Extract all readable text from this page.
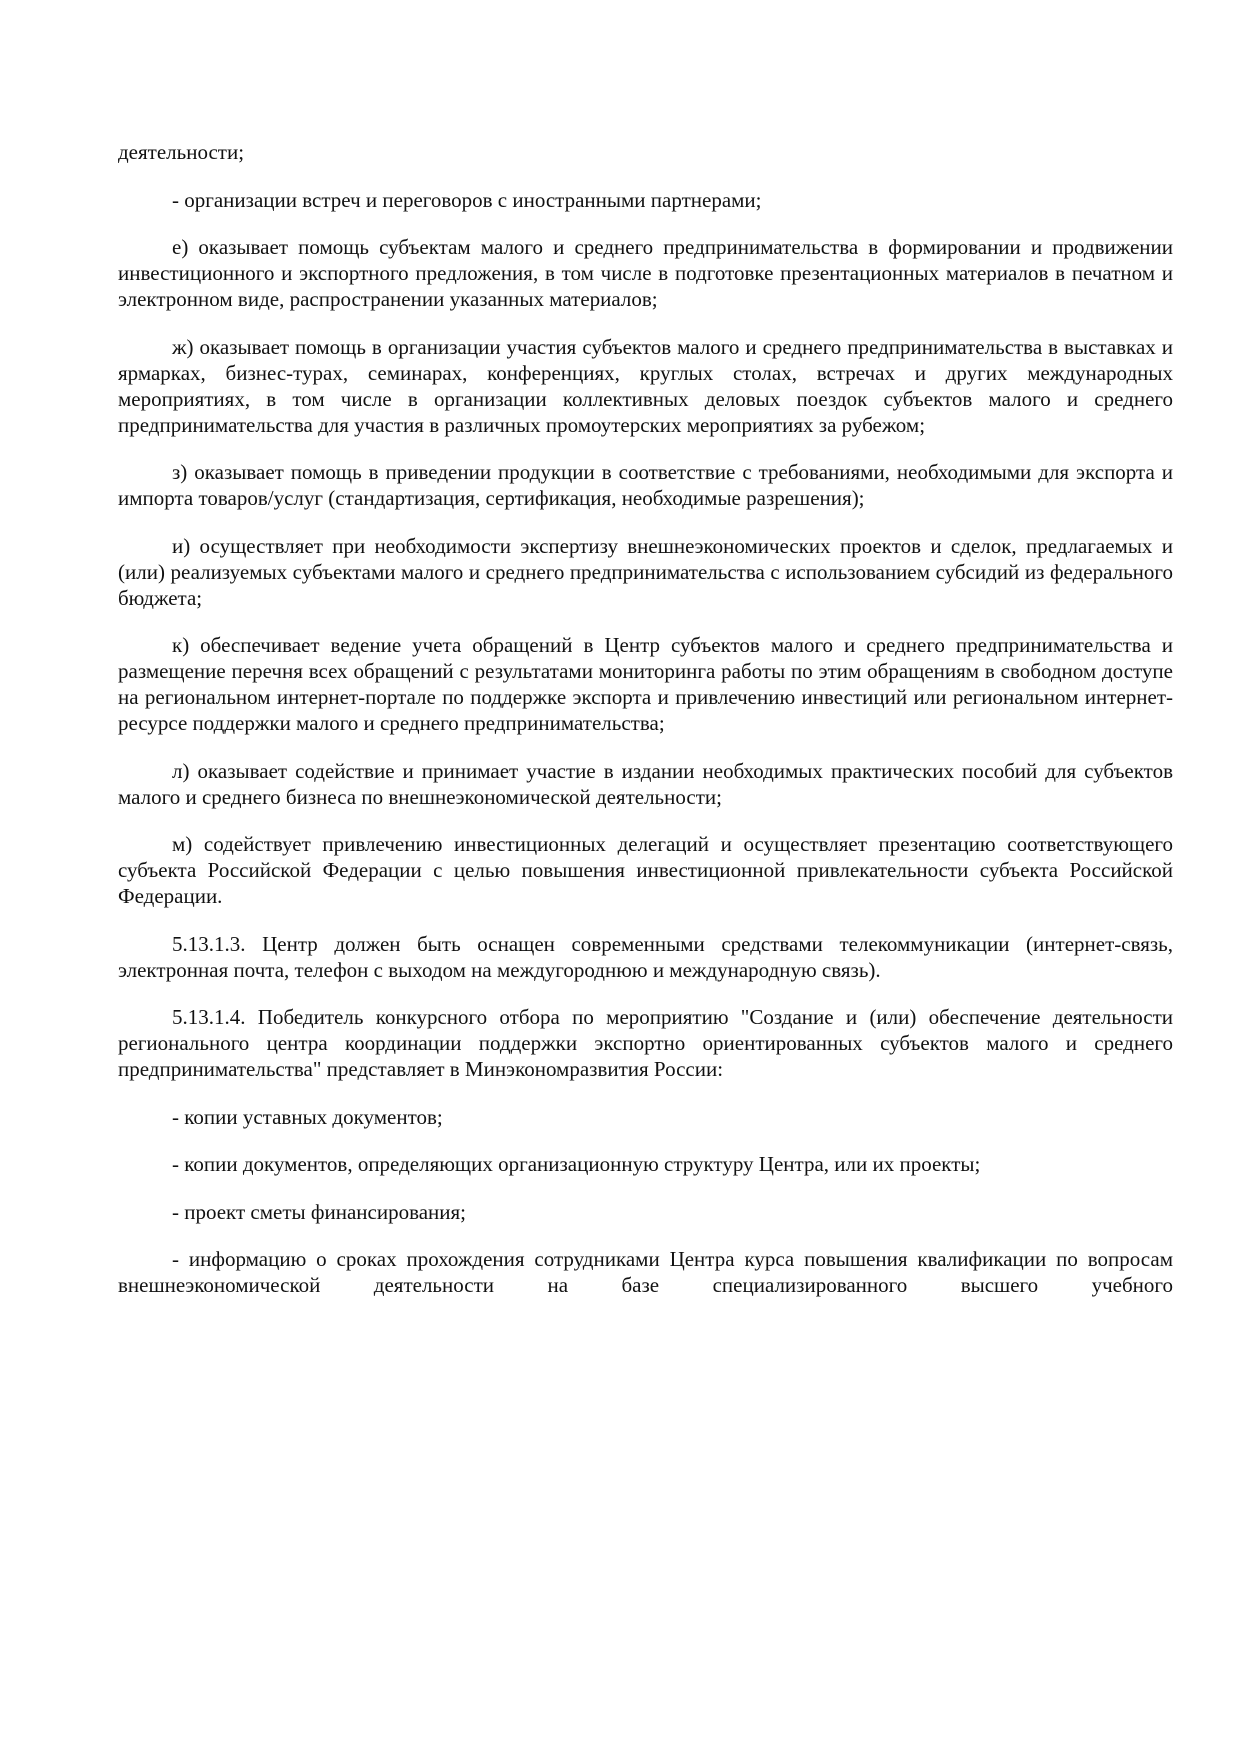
деятельности;

- организации встреч и переговоров с иностранными партнерами;

е) оказывает помощь субъектам малого и среднего предпринимательства в формировании и продвижении инвестиционного и экспортного предложения, в том числе в подготовке презентационных материалов в печатном и электронном виде, распространении указанных материалов;

ж) оказывает помощь в организации участия субъектов малого и среднего предпринимательства в выставках и ярмарках, бизнес-турах, семинарах, конференциях, круглых столах, встречах и других международных мероприятиях, в том числе в организации коллективных деловых поездок субъектов малого и среднего предпринимательства для участия в различных промоутерских мероприятиях за рубежом;

з) оказывает помощь в приведении продукции в соответствие с требованиями, необходимыми для экспорта и импорта товаров/услуг (стандартизация, сертификация, необходимые разрешения);

и) осуществляет при необходимости экспертизу внешнеэкономических проектов и сделок, предлагаемых и (или) реализуемых субъектами малого и среднего предпринимательства с использованием субсидий из федерального бюджета;

к) обеспечивает ведение учета обращений в Центр субъектов малого и среднего предпринимательства и размещение перечня всех обращений с результатами мониторинга работы по этим обращениям в свободном доступе на региональном интернет-портале по поддержке экспорта и привлечению инвестиций или региональном интернет-ресурсе поддержки малого и среднего предпринимательства;

л) оказывает содействие и принимает участие в издании необходимых практических пособий для субъектов малого и среднего бизнеса по внешнеэкономической деятельности;

м) содействует привлечению инвестиционных делегаций и осуществляет презентацию соответствующего субъекта Российской Федерации с целью повышения инвестиционной привлекательности субъекта Российской Федерации.

5.13.1.3. Центр должен быть оснащен современными средствами телекоммуникации (интернет-связь, электронная почта, телефон с выходом на междугороднюю и международную связь).

5.13.1.4. Победитель конкурсного отбора по мероприятию "Создание и (или) обеспечение деятельности регионального центра координации поддержки экспортно ориентированных субъектов малого и среднего предпринимательства" представляет в Минэкономразвития России:

- копии уставных документов;

- копии документов, определяющих организационную структуру Центра, или их проекты;

- проект сметы финансирования;

- информацию о сроках прохождения сотрудниками Центра курса повышения квалификации по вопросам внешнеэкономической деятельности на базе специализированного высшего учебного
